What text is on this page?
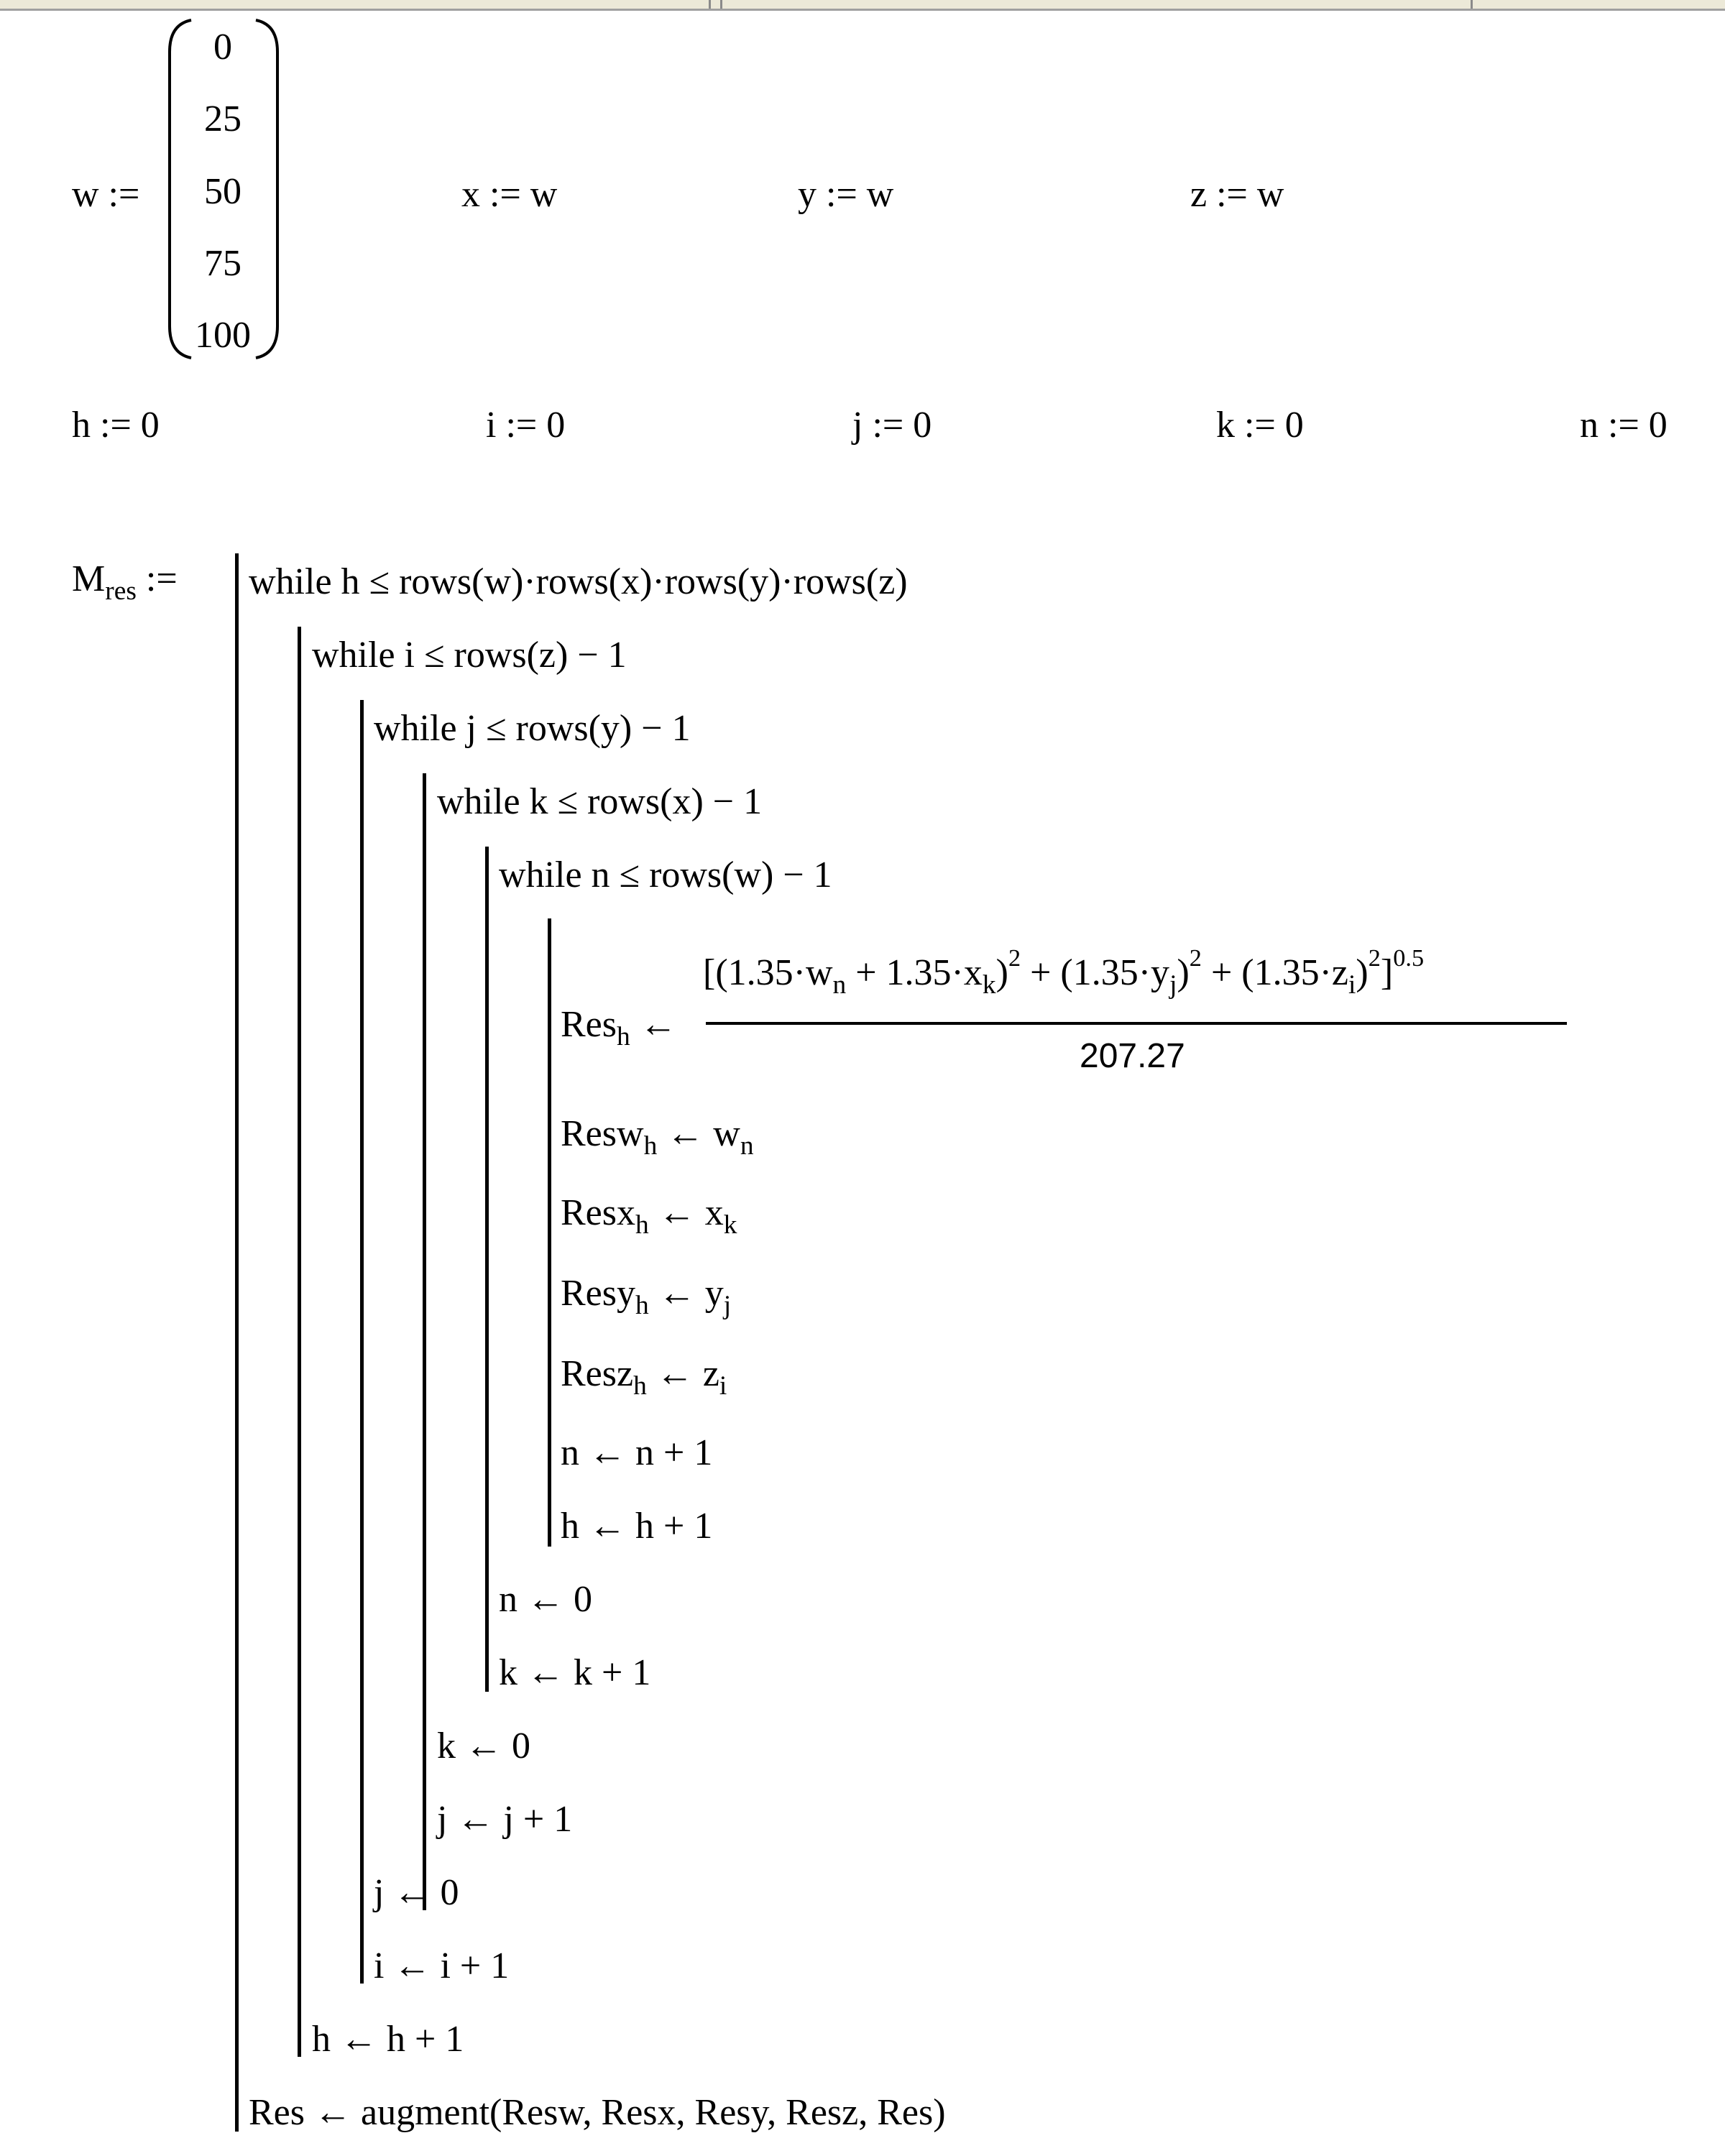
w :=
0
25
50
75
100
x := w	y := w	z := w
h := 0	i := 0	j := 0	k := 0	n := 0
$M_{res}$ := while h ≤ rows(w)·rows(x)·rows(y)·rows(z)
while i ≤ rows(z) − 1
while j ≤ rows(y) − 1
while k ≤ rows(x) − 1
while n ≤ rows(w) − 1
Res$_h$ ←
$[(1.35\cdot w_n + 1.35\cdot x_k)^2 + (1.35\cdot y_j)^2 + (1.35\cdot z_i)^2]^{0.5}$
207.27
Resw$_h$ ← $w_n$
Resx$_h$ ← $x_k$
Resy$_h$ ← $y_j$
Resz$_h$ ← $z_i$
n ← n + 1
h ← h + 1
n ← 0
k ← k + 1
k ← 0
j ← j + 1
j ← 0
i ← i + 1
h ← h + 1
Res ← augment(Resw, Resx, Resy, Resz, Res)
